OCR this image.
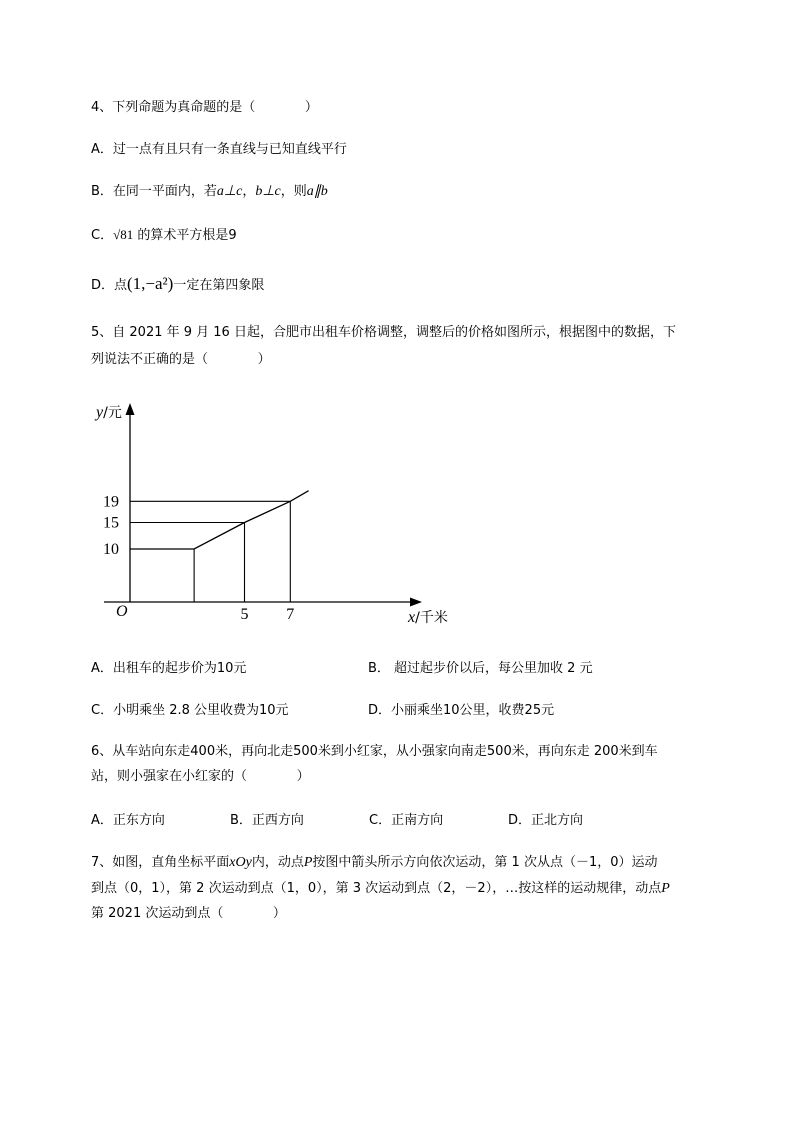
4、下列命题为真命题的是（            ）
A．过一点有且只有一条直线与已知直线平行
B．在同一平面内，若a⊥c，b⊥c，则a∥b
C．√81 的算术平方根是9
D．点(1,−a²)一定在第四象限
5、自 2021 年 9 月 16 日起，合肥市出租车价格调整，调整后的价格如图所示，根据图中的数据，下
列说法不正确的是（            ）
y/元
x/千米
O
10
15
19
5 7
A．出租车的起步价为10元	B． 超过起步价以后，每公里加收 2 元
C．小明乘坐 2.8 公里收费为10元	D．小丽乘坐10公里，收费25元
6、从车站向东走400米，再向北走500米到小红家，从小强家向南走500米，再向东走 200米到车
站，则小强家在小红家的（            ）
A．正东方向	B．正西方向	C．正南方向	D．正北方向
7、如图，直角坐标平面xOy内，动点P按图中箭头所示方向依次运动，第 1 次从点（－1，0）运动
到点（0，1），第 2 次运动到点（1，0），第 3 次运动到点（2，－2），…按这样的运动规律，动点P
第 2021 次运动到点（            ）
